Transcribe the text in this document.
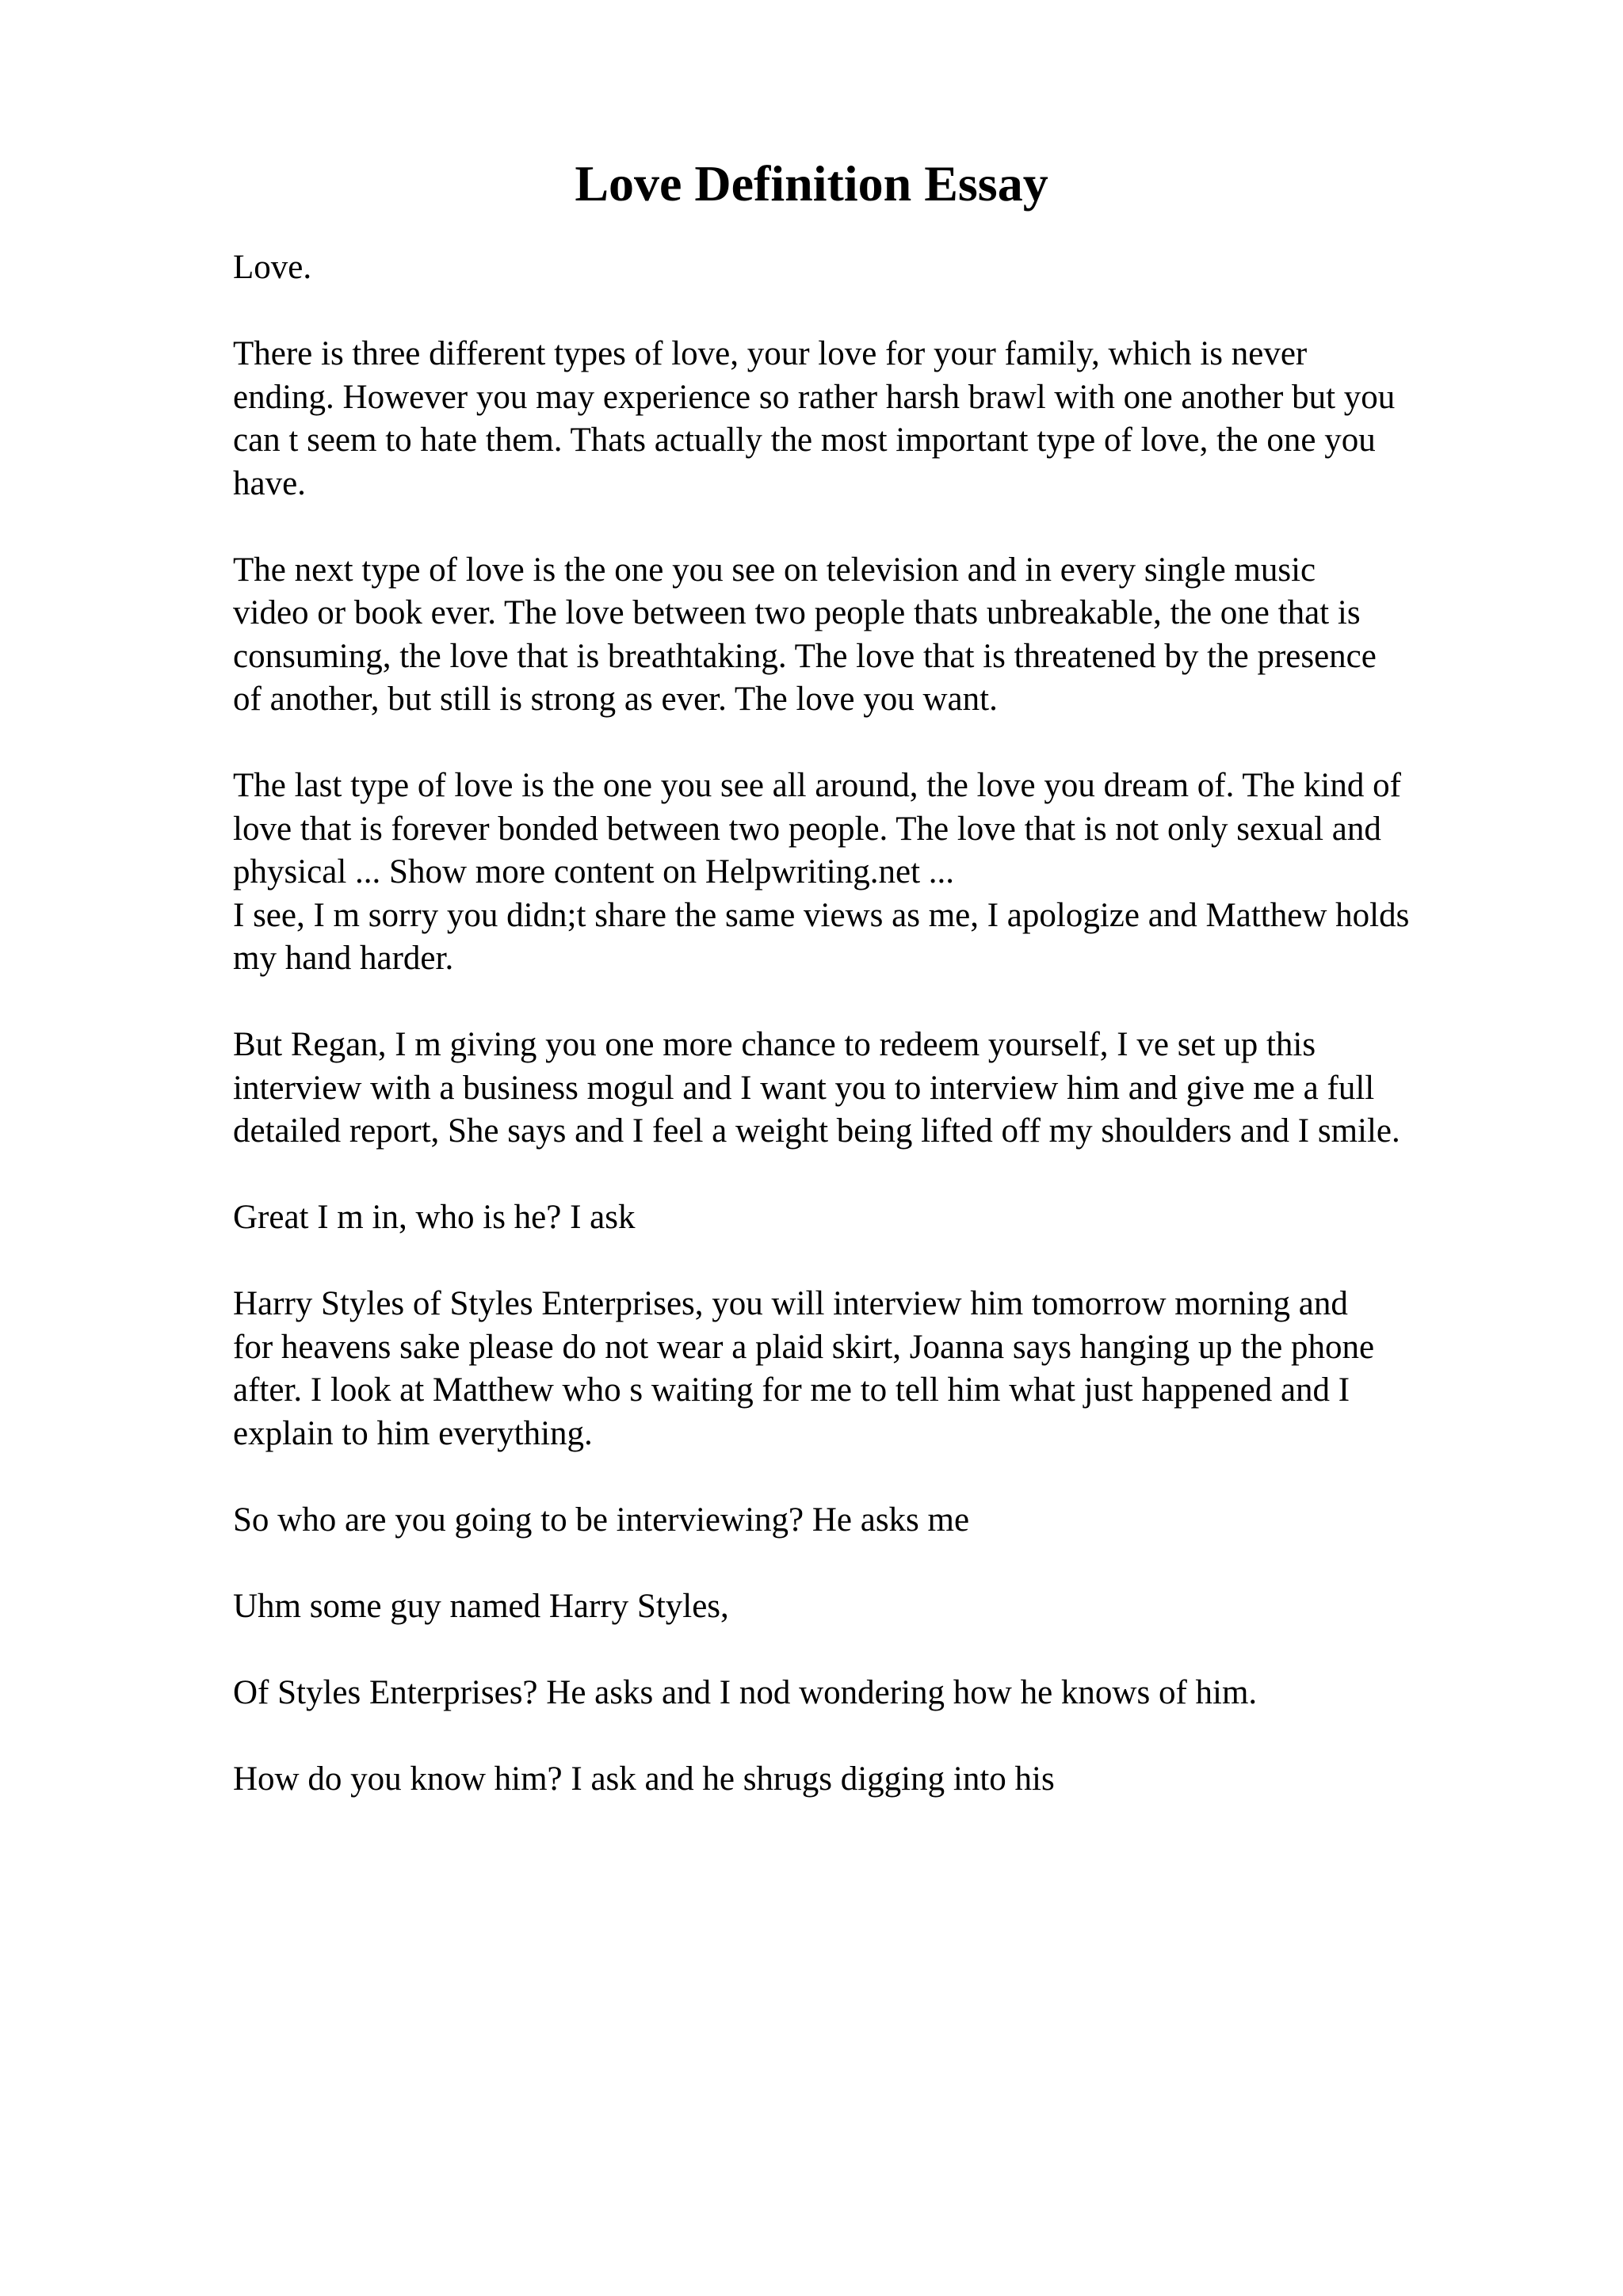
Love Definition Essay

Love.

There is three different types of love, your love for your family, which is never
ending. However you may experience so rather harsh brawl with one another but you
can t seem to hate them. Thats actually the most important type of love, the one you
have.

The next type of love is the one you see on television and in every single music
video or book ever. The love between two people thats unbreakable, the one that is
consuming, the love that is breathtaking. The love that is threatened by the presence
of another, but still is strong as ever. The love you want.

The last type of love is the one you see all around, the love you dream of. The kind of
love that is forever bonded between two people. The love that is not only sexual and
physical ... Show more content on Helpwriting.net ...

I see, I m sorry you didn;t share the same views as me, I apologize and Matthew holds
my hand harder.

But Regan, I m giving you one more chance to redeem yourself, I ve set up this
interview with a business mogul and I want you to interview him and give me a full
detailed report, She says and I feel a weight being lifted off my shoulders and I smile.

Great I m in, who is he? I ask

Harry Styles of Styles Enterprises, you will interview him tomorrow morning and
for heavens sake please do not wear a plaid skirt, Joanna says hanging up the phone
after. I look at Matthew who s waiting for me to tell him what just happened and I
explain to him everything.

So who are you going to be interviewing? He asks me

Uhm some guy named Harry Styles,

Of Styles Enterprises? He asks and I nod wondering how he knows of him.

How do you know him? I ask and he shrugs digging into his
